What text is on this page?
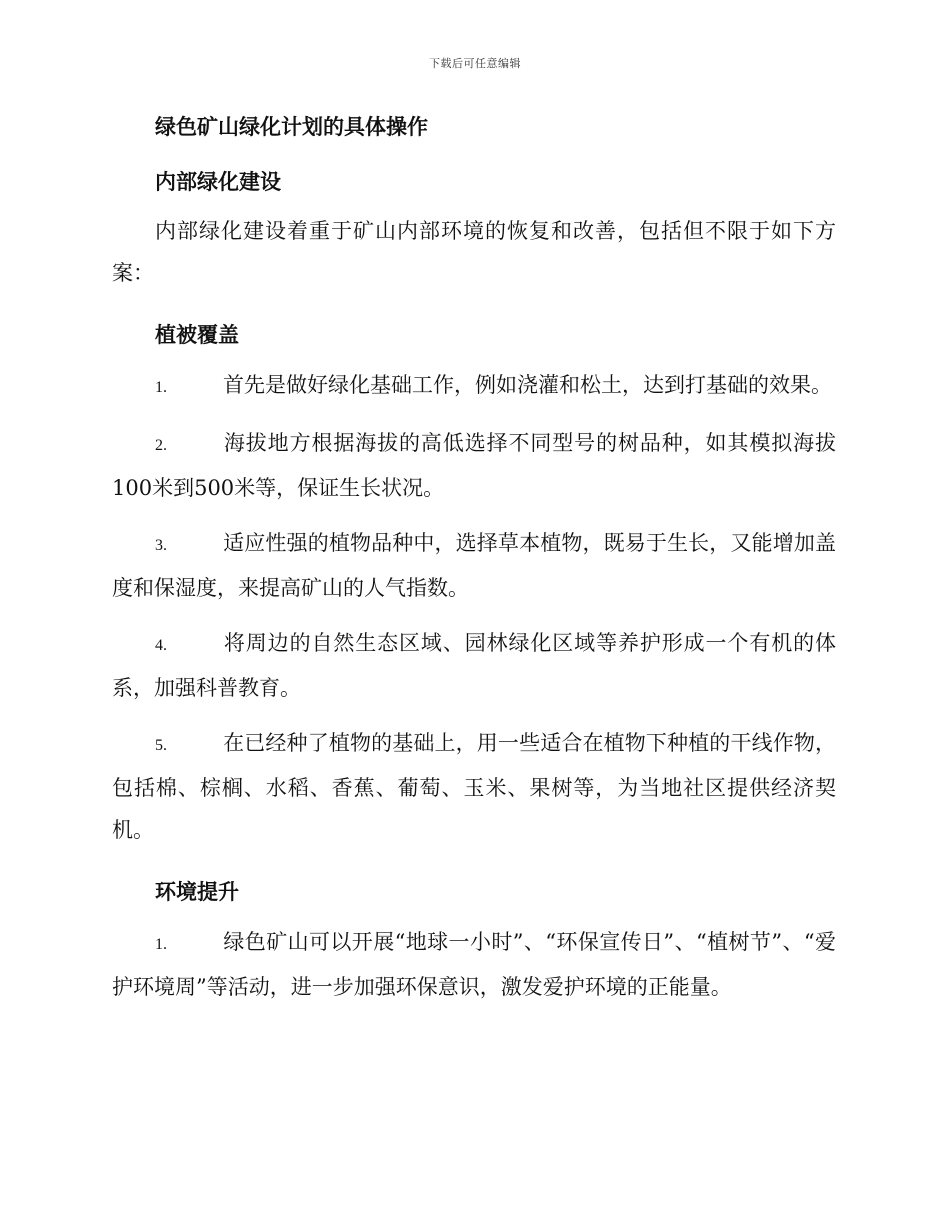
下载后可任意编辑

绿色矿山绿化计划的具体操作

内部绿化建设

内部绿化建设着重于矿山内部环境的恢复和改善，包括但不限于如下方案：

植被覆盖

1.	首先是做好绿化基础工作，例如浇灌和松土，达到打基础的效果。

2.	海拔地方根据海拔的高低选择不同型号的树品种，如其模拟海拔100米到500米等，保证生长状况。

3.	适应性强的植物品种中，选择草本植物，既易于生长，又能增加盖度和保湿度，来提高矿山的人气指数。

4.	将周边的自然生态区域、园林绿化区域等养护形成一个有机的体系，加强科普教育。

5.	在已经种了植物的基础上，用一些适合在植物下种植的干线作物，包括棉、棕榈、水稻、香蕉、葡萄、玉米、果树等，为当地社区提供经济契机。

环境提升

1.	绿色矿山可以开展“地球一小时”、“环保宣传日”、“植树节”、“爱护环境周”等活动，进一步加强环保意识，激发爱护环境的正能量。
